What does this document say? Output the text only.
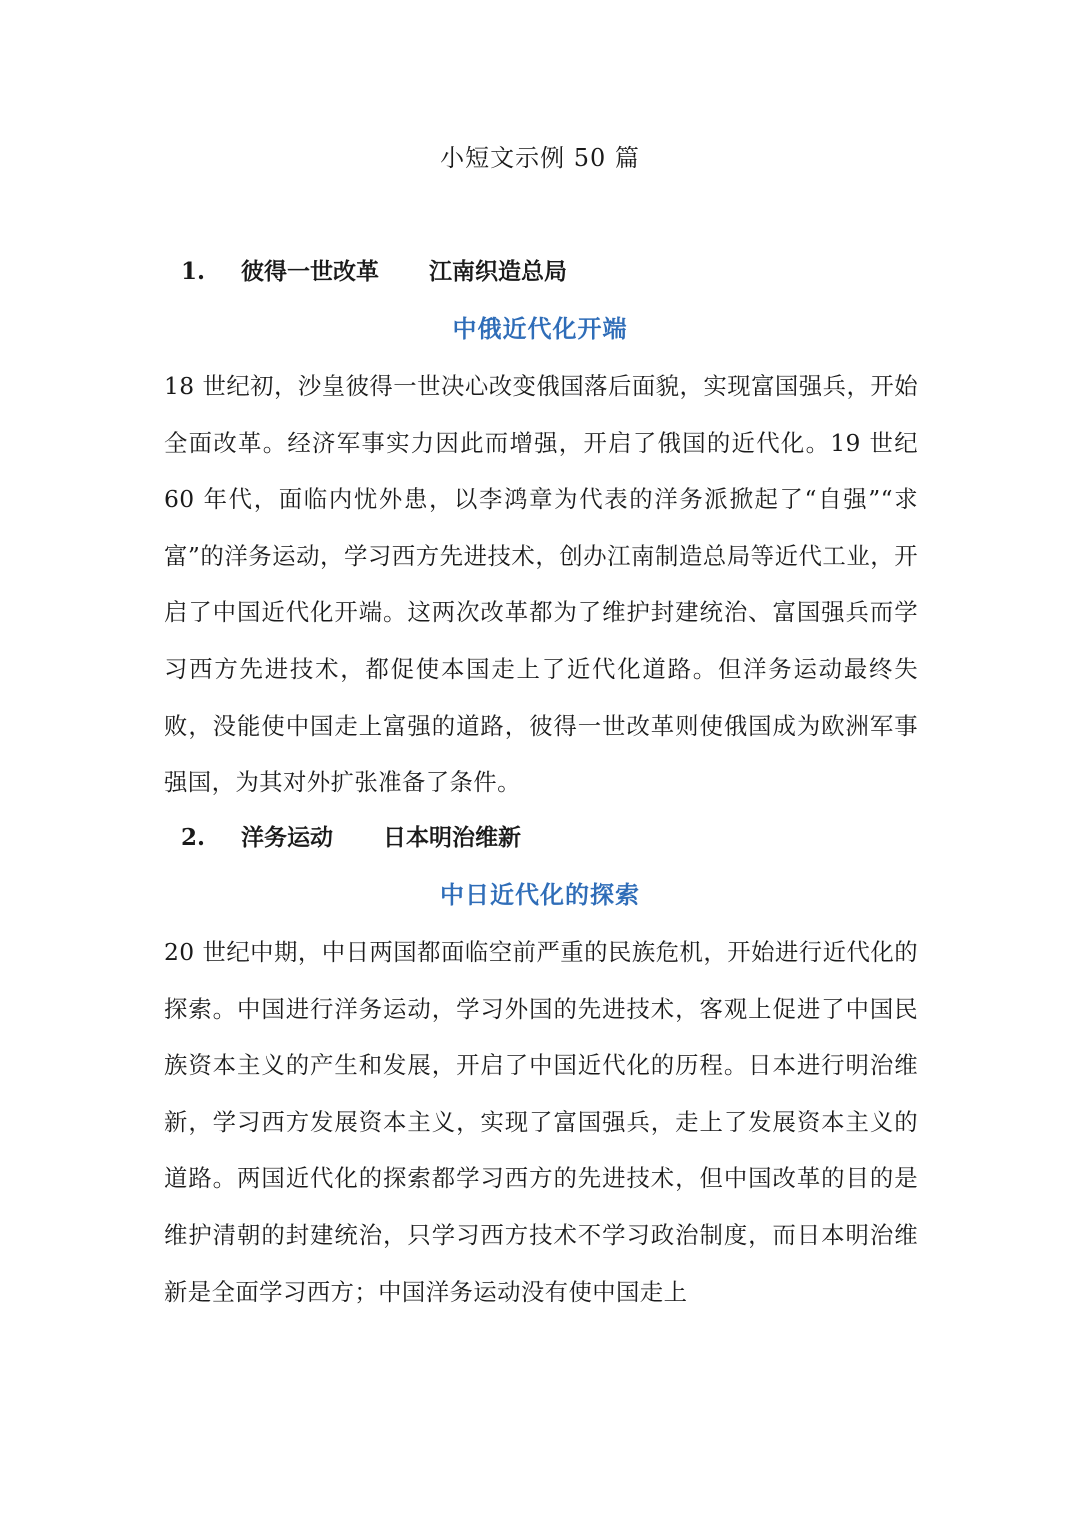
小短文示例 50 篇
1. 彼得一世改革 江南织造总局
中俄近代化开端

18 世纪初，沙皇彼得一世决心改变俄国落后面貌，实现富国强兵，开始全面改革。经济军事实力因此而增强，开启了俄国的近代化。19 世纪 60 年代，面临内忧外患，以李鸿章为代表的洋务派掀起了“自强”“求富”的洋务运动，学习西方先进技术，创办江南制造总局等近代工业，开启了中国近代化开端。这两次改革都为了维护封建统治、富国强兵而学习西方先进技术，都促使本国走上了近代化道路。但洋务运动最终失败，没能使中国走上富强的道路，彼得一世改革则使俄国成为欧洲军事强国，为其对外扩张准备了条件。

2. 洋务运动 日本明治维新
中日近代化的探索

20 世纪中期，中日两国都面临空前严重的民族危机，开始进行近代化的探索。中国进行洋务运动，学习外国的先进技术，客观上促进了中国民族资本主义的产生和发展，开启了中国近代化的历程。日本进行明治维新，学习西方发展资本主义，实现了富国强兵，走上了发展资本主义的道路。两国近代化的探索都学习西方的先进技术，但中国改革的目的是维护清朝的封建统治，只学习西方技术不学习政治制度，而日本明治维新是全面学习西方；中国洋务运动没有使中国走上
